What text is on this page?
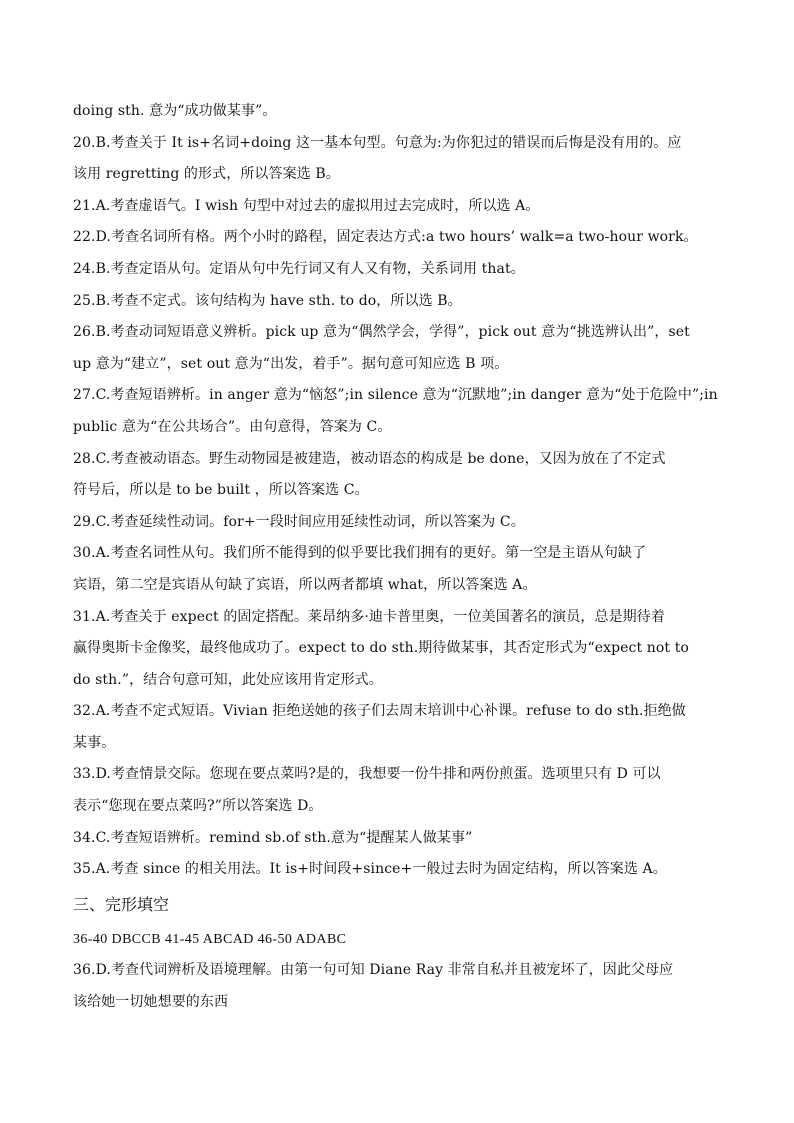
doing sth. 意为“成功做某事”。
20.B.考查关于 It is+名词+doing 这一基本句型。句意为:为你犯过的错误而后悔是没有用的。应
该用 regretting 的形式，所以答案选 B。
21.A.考查虚语气。I wish 句型中对过去的虚拟用过去完成时，所以选 A。
22.D.考查名词所有格。两个小时的路程，固定表达方式:a two hours’ walk=a two-hour work。
24.B.考查定语从句。定语从句中先行词又有人又有物，关系词用 that。
25.B.考查不定式。该句结构为 have sth. to do，所以选 B。
26.B.考查动词短语意义辨析。pick up 意为“偶然学会，学得”，pick out 意为“挑选辨认出”，set
up 意为“建立”，set out 意为“出发，着手”。据句意可知应选 B 项。
27.C.考查短语辨析。in anger 意为“恼怒”;in silence 意为“沉默地”;in danger 意为“处于危险中”;in
public 意为“在公共场合”。由句意得，答案为 C。
28.C.考查被动语态。野生动物园是被建造，被动语态的构成是 be done，又因为放在了不定式
符号后，所以是 to be built ，所以答案选 C。
29.C.考查延续性动词。for+一段时间应用延续性动词，所以答案为 C。
30.A.考查名词性从句。我们所不能得到的似乎要比我们拥有的更好。第一空是主语从句缺了
宾语，第二空是宾语从句缺了宾语，所以两者都填 what，所以答案选 A。
31.A.考查关于 expect 的固定搭配。莱昂纳多·迪卡普里奥，一位美国著名的演员，总是期待着
赢得奥斯卡金像奖，最终他成功了。expect to do sth.期待做某事，其否定形式为“expect not to
do sth.”，结合句意可知，此处应该用肯定形式。
32.A.考查不定式短语。Vivian 拒绝送她的孩子们去周末培训中心补课。refuse to do sth.拒绝做
某事。
33.D.考查情景交际。您现在要点菜吗?是的，我想要一份牛排和两份煎蛋。选项里只有 D 可以
表示“您现在要点菜吗?”所以答案选 D。
34.C.考查短语辨析。remind sb.of sth.意为“提醒某人做某事”
35.A.考查 since 的相关用法。It is+时间段+since+一般过去时为固定结构，所以答案选 A。
三、完形填空
36-40 DBCCB 41-45 ABCAD 46-50 ADABC
36.D.考查代词辨析及语境理解。由第一句可知 Diane Ray 非常自私并且被宠坏了，因此父母应
该给她一切她想要的东西
